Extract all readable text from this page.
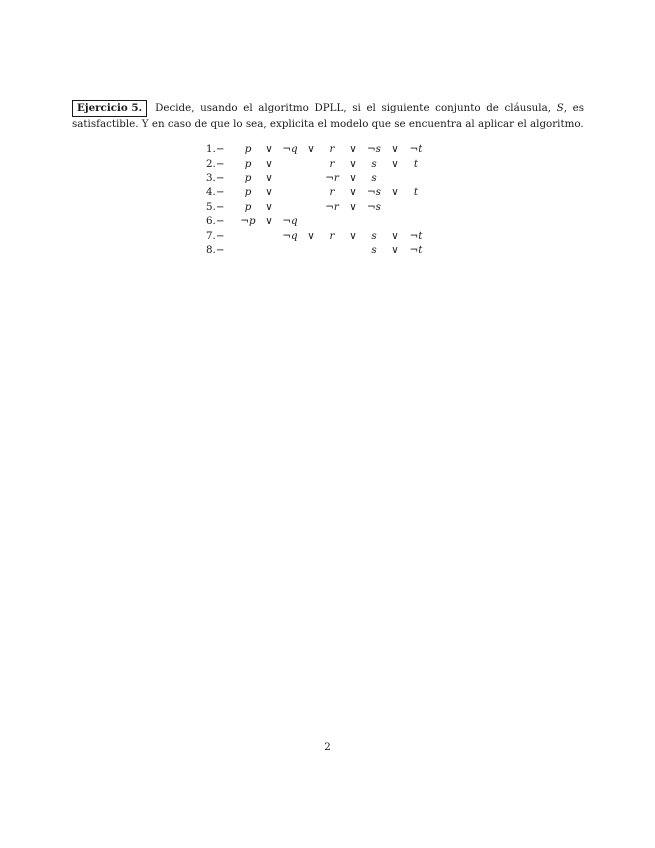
Ejercicio 5. Decide, usando el algoritmo DPLL, si el siguiente conjunto de cláusula, S, es satisfactible. Y en caso de que lo sea, explicita el modelo que se encuentra al aplicar el algoritmo.
1.−	p	∨	¬q	∨	r	∨	¬s	∨	¬t
2.−	p	∨			r	∨	s	∨	t
3.−	p	∨			¬r	∨	s		
4.−	p	∨			r	∨	¬s	∨	t
5.−	p	∨			¬r	∨	¬s		
6.−	¬p	∨	¬q						
7.−			¬q	∨	r	∨	s	∨	¬t
8.−							s	∨	¬t
2
